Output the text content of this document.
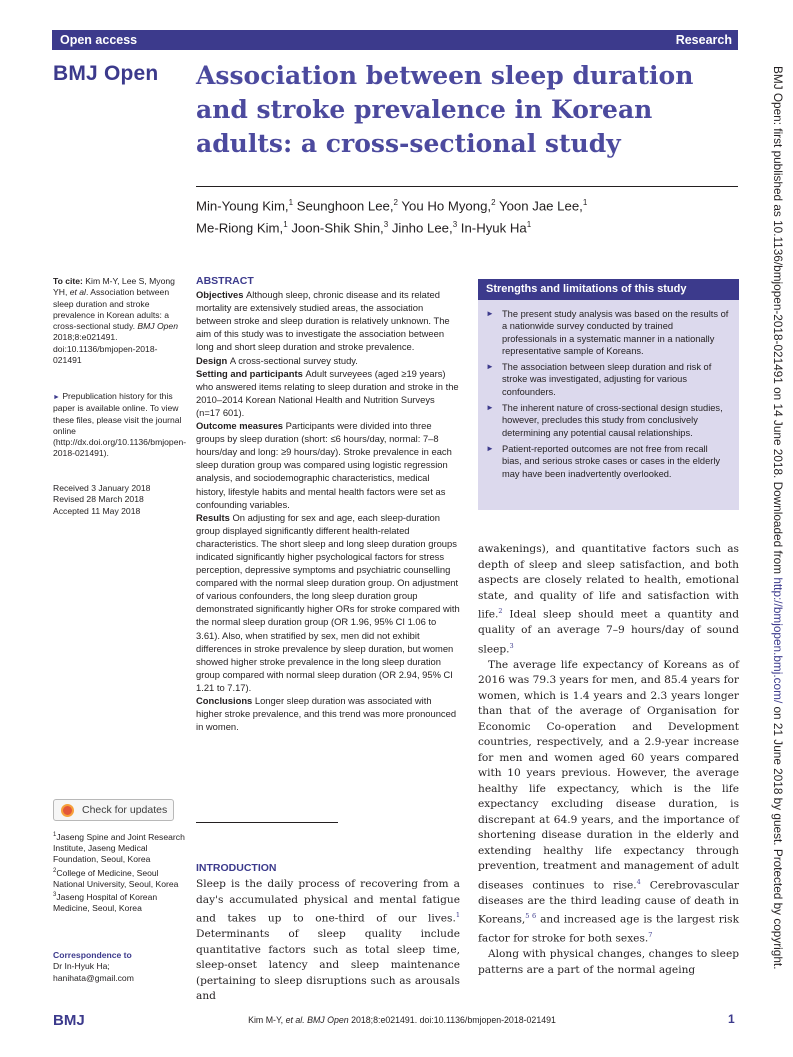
Open access	Research
BMJ Open Association between sleep duration and stroke prevalence in Korean adults: a cross-sectional study
Min-Young Kim,$^1$ Seunghoon Lee,$^2$ You Ho Myong,$^2$ Yoon Jae Lee,$^1$
Me-Riong Kim,$^1$ Joon-Shik Shin,$^3$ Jinho Lee,$^3$ In-Hyuk Ha$^1$
To cite: Kim M-Y, Lee S, Myong YH, et al. Association between sleep duration and stroke prevalence in Korean adults: a cross-sectional study. BMJ Open 2018;8:e021491. doi:10.1136/bmjopen-2018-021491
► Prepublication history for this paper is available online. To view these files, please visit the journal online (http://dx.doi.org/10.1136/bmjopen-2018-021491).
Received 3 January 2018
Revised 28 March 2018
Accepted 11 May 2018
Check for updates
$^1$Jaseng Spine and Joint Research Institute, Jaseng Medical Foundation, Seoul, Korea
$^2$College of Medicine, Seoul National University, Seoul, Korea
$^3$Jaseng Hospital of Korean Medicine, Seoul, Korea
Correspondence to
Dr In-Hyuk Ha;
hanihata@gmail.com
ABSTRACT
Objectives Although sleep, chronic disease and its related mortality are extensively studied areas, the association between stroke and sleep duration is relatively unknown. The aim of this study was to investigate the association between long and short sleep duration and stroke prevalence.
Design A cross-sectional survey study.
Setting and participants Adult surveyees (aged ≥19 years) who answered items relating to sleep duration and stroke in the 2010–2014 Korean National Health and Nutrition Surveys (n=17 601).
Outcome measures Participants were divided into three groups by sleep duration (short: ≤6 hours/day, normal: 7–8 hours/day and long: ≥9 hours/day). Stroke prevalence in each sleep duration group was compared using logistic regression analysis, and sociodemographic characteristics, medical history, lifestyle habits and mental health factors were set as confounding variables.
Results On adjusting for sex and age, each sleep-duration group displayed significantly different health-related characteristics. The short sleep and long sleep duration groups indicated significantly higher psychological factors for stress perception, depressive symptoms and psychiatric counselling compared with the normal sleep duration group. On adjustment of various confounders, the long sleep duration group demonstrated significantly higher ORs for stroke compared with the normal sleep duration group (OR 1.96, 95% CI 1.06 to 3.61). Also, when stratified by sex, men did not exhibit differences in stroke prevalence by sleep duration, but women showed higher stroke prevalence in the long sleep duration group compared with normal sleep duration (OR 2.94, 95% CI 1.21 to 7.17).
Conclusions Longer sleep duration was associated with higher stroke prevalence, and this trend was more pronounced in women.
INTRODUCTION
Sleep is the daily process of recovering from a day's accumulated physical and mental fatigue and takes up to one-third of our lives.$^1$ Determinants of sleep quality include quantitative factors such as total sleep time, sleep-onset latency and sleep maintenance (pertaining to sleep disruptions such as arousals and
Strengths and limitations of this study
► The present study analysis was based on the results of a nationwide survey conducted by trained professionals in a systematic manner in a nationally representative sample of Koreans.
► The association between sleep duration and risk of stroke was investigated, adjusting for various confounders.
► The inherent nature of cross-sectional design studies, however, precludes this study from conclusively determining any potential causal relationships.
► Patient-reported outcomes are not free from recall bias, and serious stroke cases or cases in the elderly may have been inadvertently overlooked.

awakenings), and quantitative factors such as depth of sleep and sleep satisfaction, and both aspects are closely related to health, emotional state, and quality of life and satisfaction with life.$^2$ Ideal sleep should meet a quantity and quality of an average 7–9 hours/day of sound sleep.$^3$

The average life expectancy of Koreans as of 2016 was 79.3 years for men, and 85.4 years for women, which is 1.4 years and 2.3 years longer than that of the average of Organisation for Economic Co-operation and Development countries, respectively, and a 2.9-year increase for men and women aged 60 years compared with 10 years previous. However, the average healthy life expectancy, which is the life expectancy excluding disease duration, is discrepant at 64.9 years, and the importance of shortening disease duration in the elderly and extending healthy life expectancy through prevention, treatment and management of adult diseases continues to rise.$^4$ Cerebrovascular diseases are the third leading cause of death in Koreans,$^{5 6}$ and increased age is the largest risk factor for stroke for both sexes.$^7$

Along with physical changes, changes to sleep patterns are a part of the normal ageing

BMJ Open: first published as 10.1136/bmjopen-2018-021491 on 14 June 2018. Downloaded from http://bmjopen.bmj.com/ on 21 June 2018 by guest. Protected by copyright.
BMJ	Kim M-Y, et al. BMJ Open 2018;8:e021491. doi:10.1136/bmjopen-2018-021491	1
